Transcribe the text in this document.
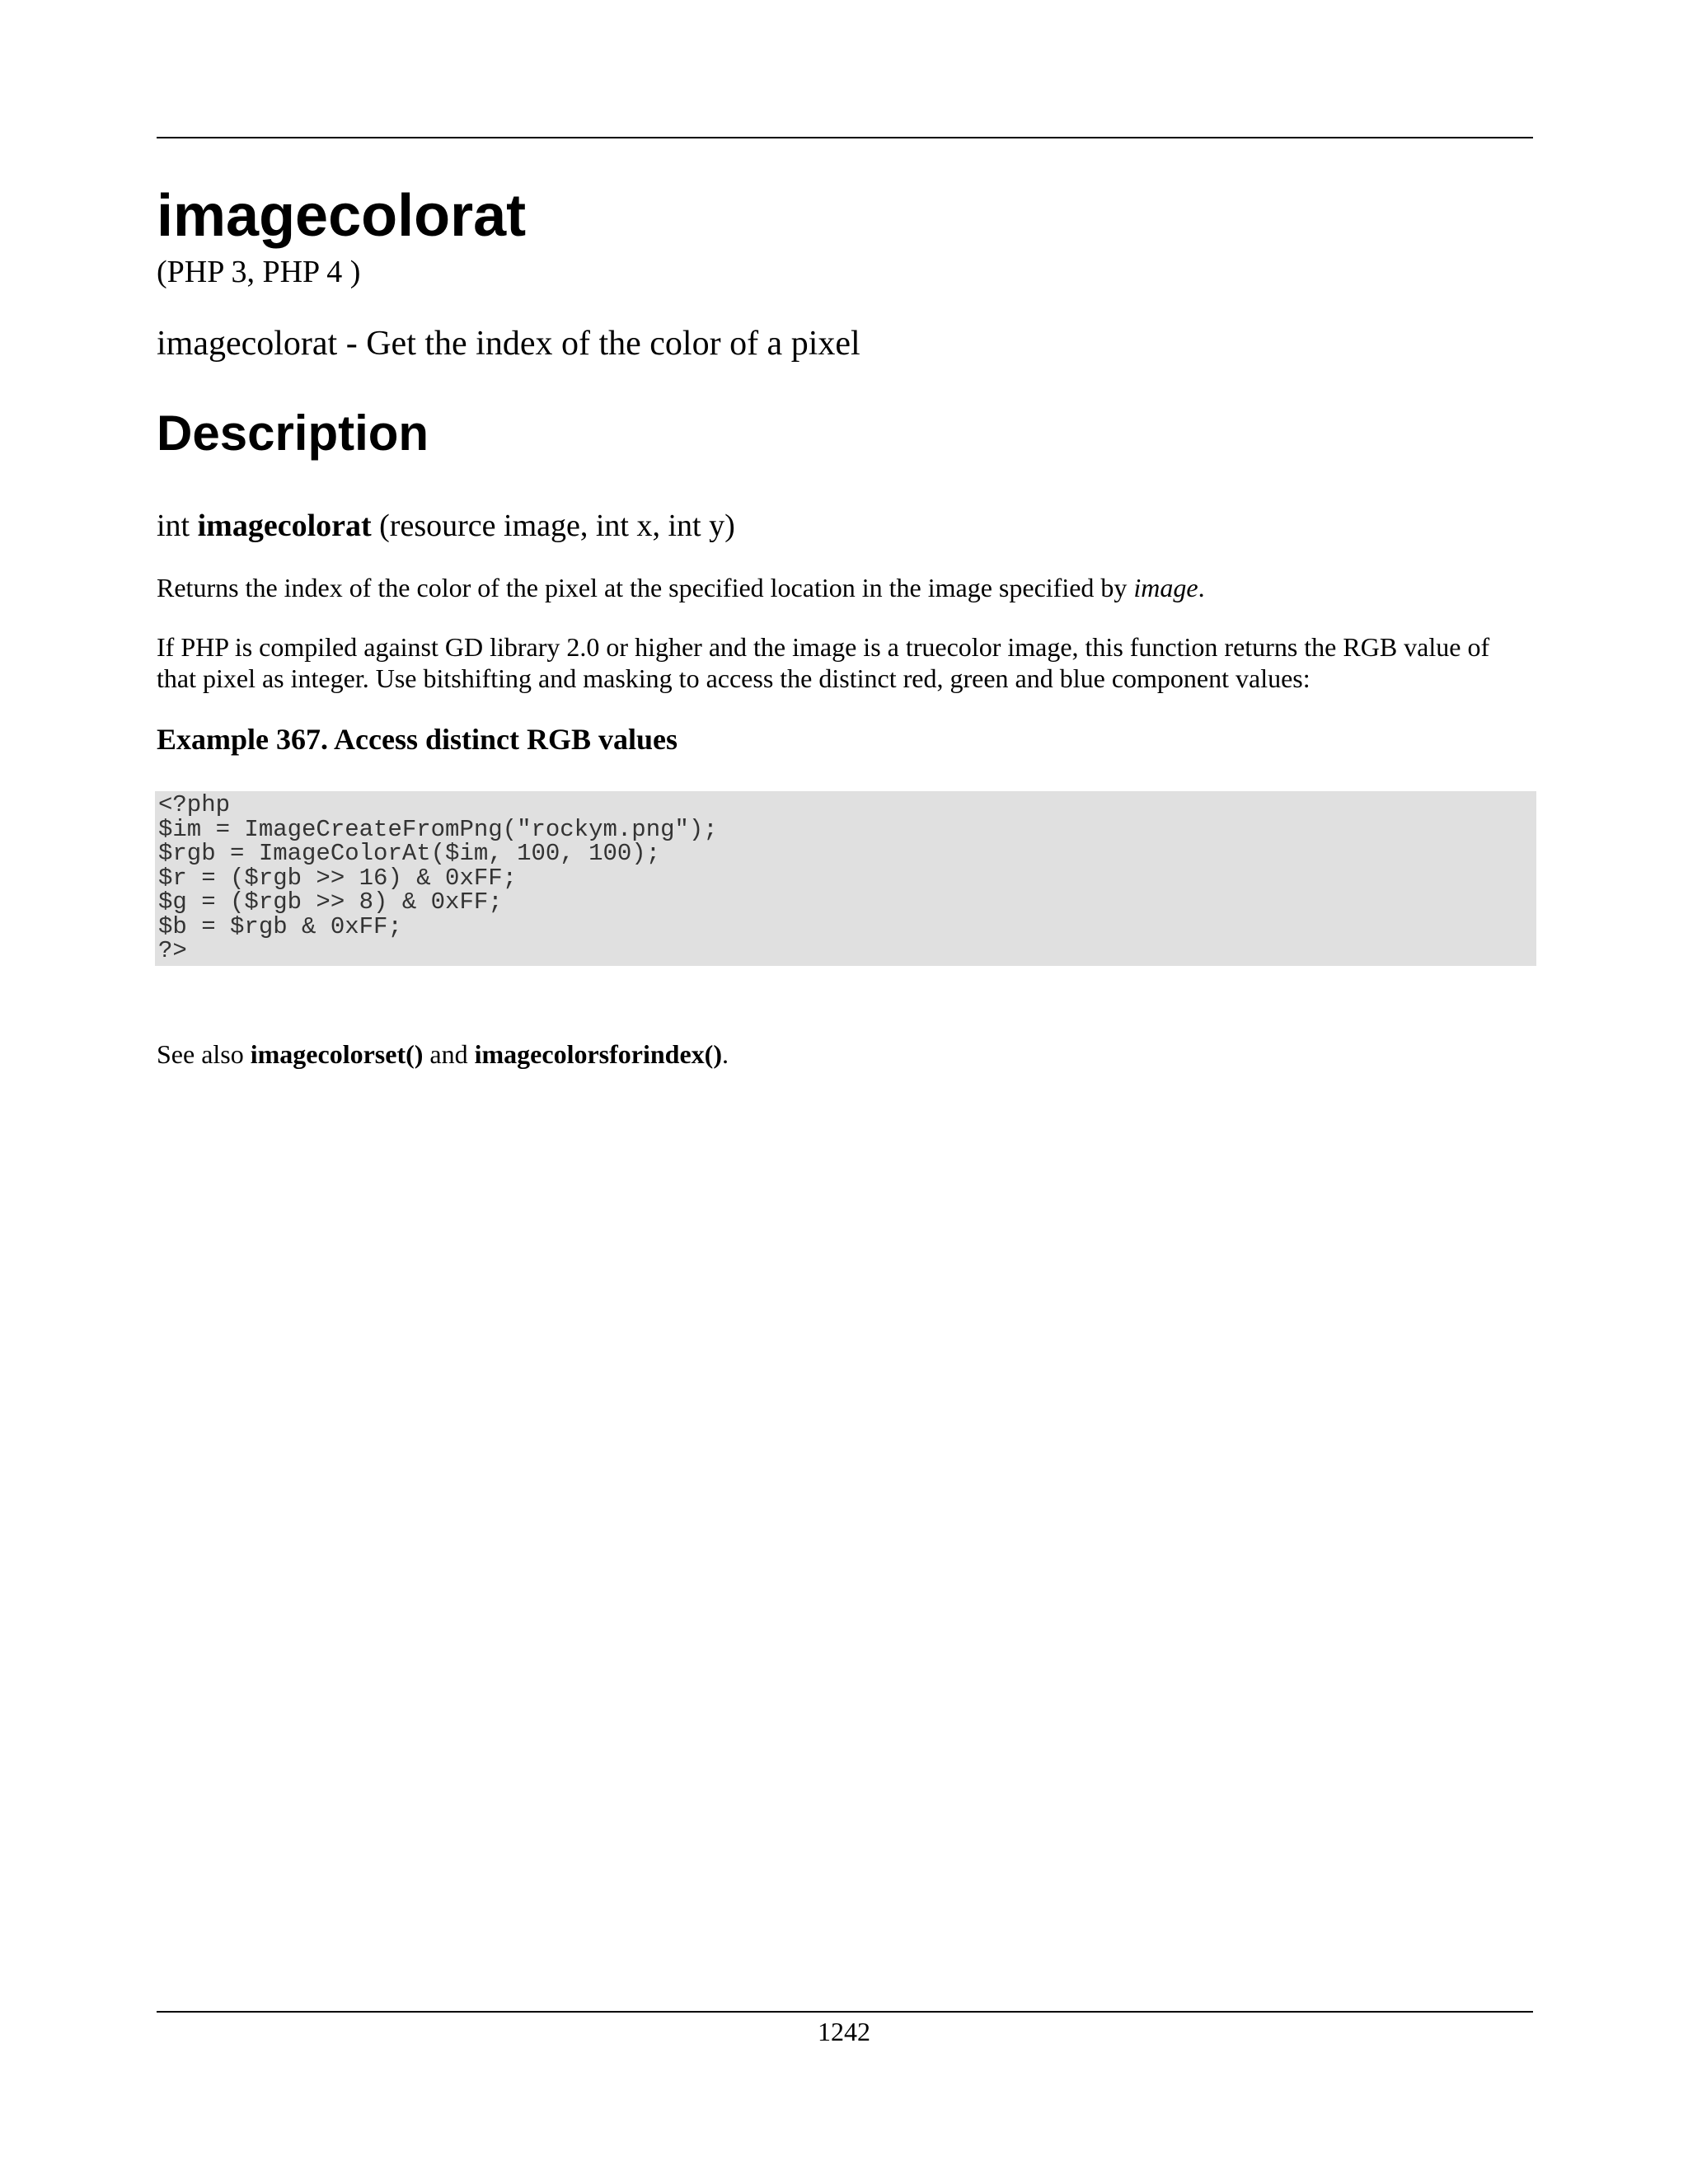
imagecolorat
(PHP 3, PHP 4 )
imagecolorat - Get the index of the color of a pixel
Description
int imagecolorat (resource image, int x, int y)

Returns the index of the color of the pixel at the specified location in the image specified by image.

If PHP is compiled against GD library 2.0 or higher and the image is a truecolor image, this function returns the RGB value of that pixel as integer. Use bitshifting and masking to access the distinct red, green and blue component values:

Example 367. Access distinct RGB values
<?php
$im = ImageCreateFromPng("rockym.png");
$rgb = ImageColorAt($im, 100, 100);
$r = ($rgb >> 16) & 0xFF;
$g = ($rgb >> 8) & 0xFF;
$b = $rgb & 0xFF;
?>
See also imagecolorset() and imagecolorsforindex().
1242
